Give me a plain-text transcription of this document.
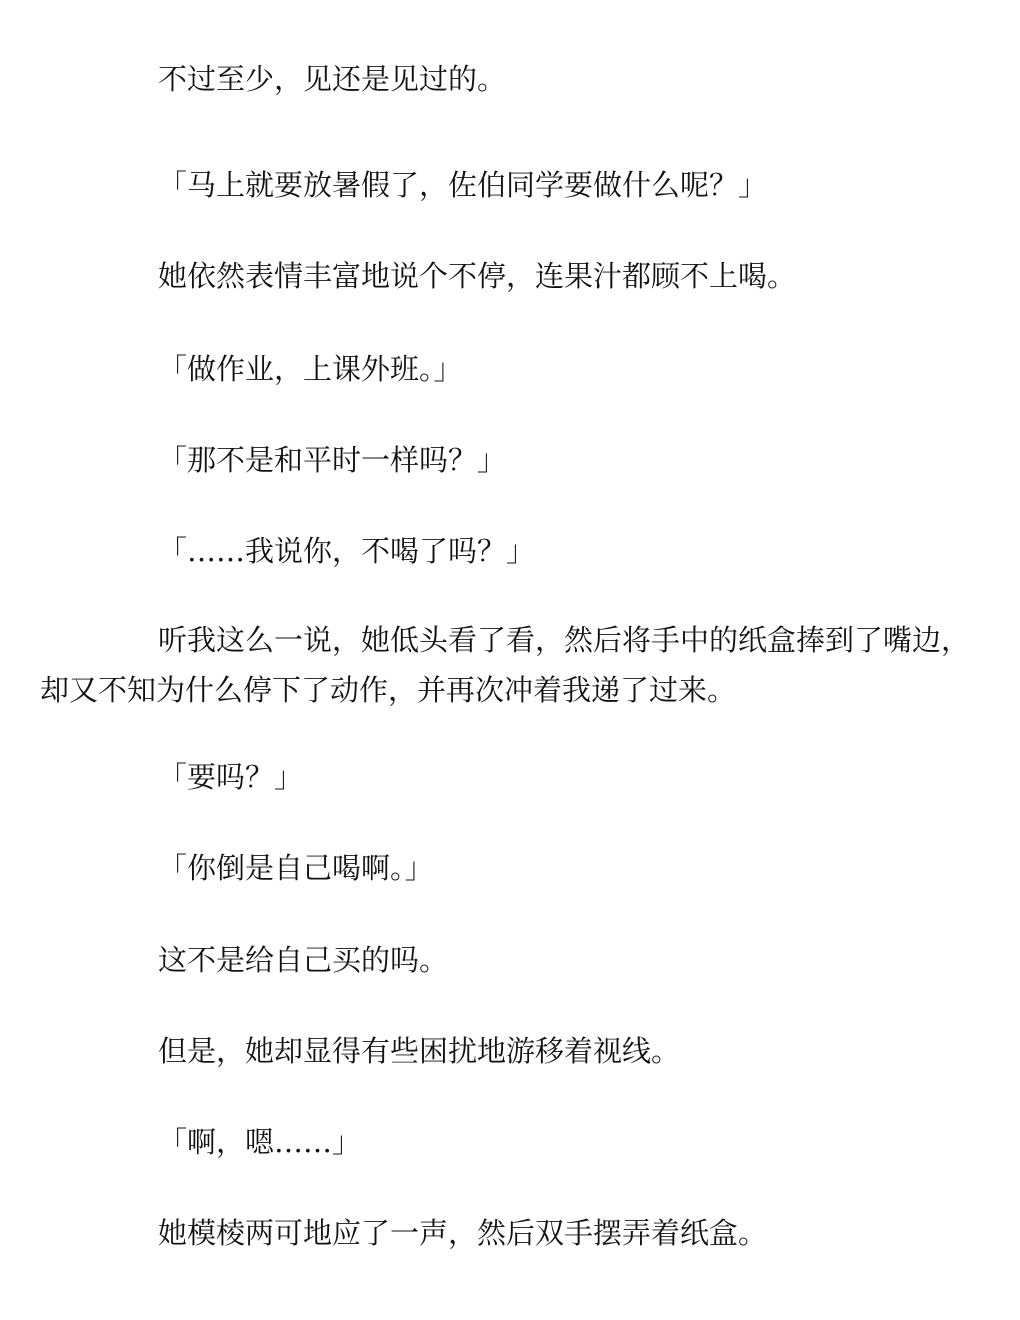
不过至少，见还是见过的。

「马上就要放暑假了，佐伯同学要做什么呢？」

她依然表情丰富地说个不停，连果汁都顾不上喝。

「做作业，上课外班。」

「那不是和平时一样吗？」

「……我说你，不喝了吗？」

听我这么一说，她低头看了看，然后将手中的纸盒捧到了嘴边，却又不知为什么停下了动作，并再次冲着我递了过来。

「要吗？」

「你倒是自己喝啊。」

这不是给自己买的吗。

但是，她却显得有些困扰地游移着视线。

「啊，嗯……」

她模棱两可地应了一声，然后双手摆弄着纸盒。
